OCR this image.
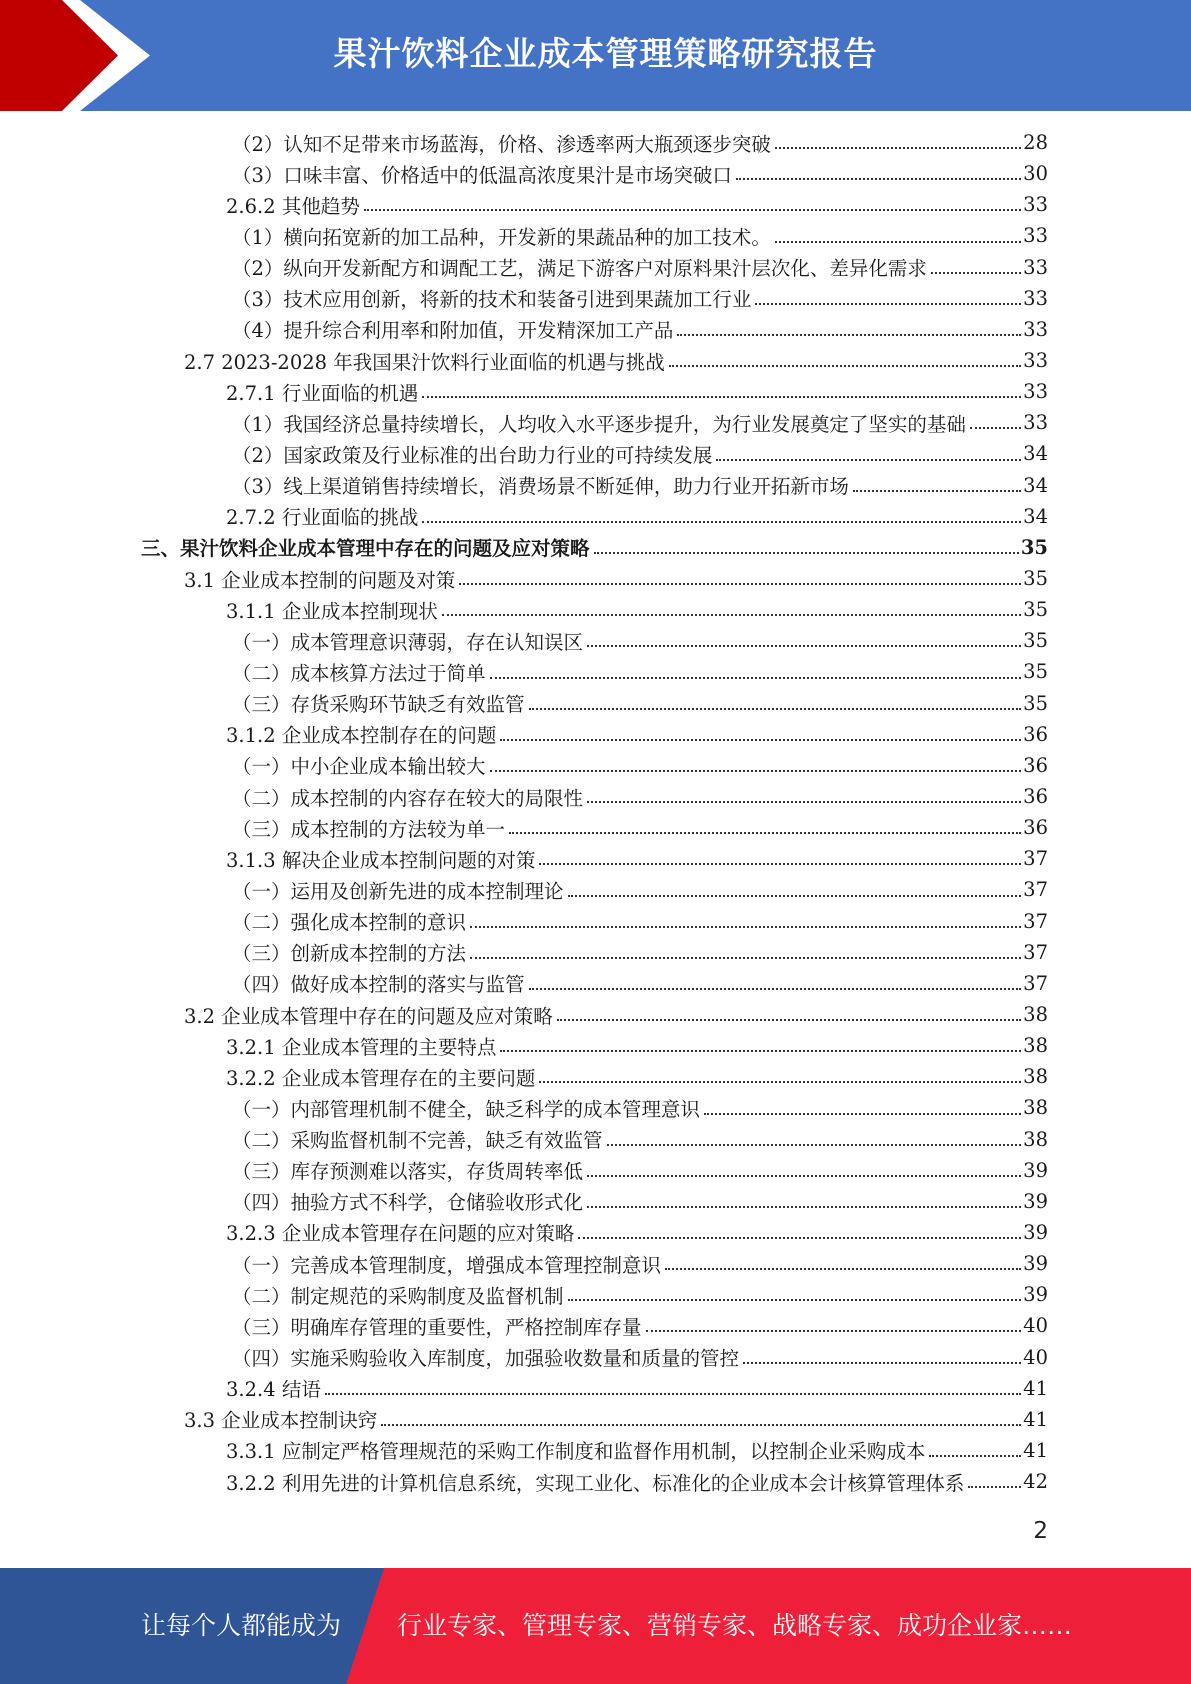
果汁饮料企业成本管理策略研究报告
（2）认知不足带来市场蓝海，价格、渗透率两大瓶颈逐步突破	28
（3）口味丰富、价格适中的低温高浓度果汁是市场突破口	30
2.6.2 其他趋势	33
（1）横向拓宽新的加工品种，开发新的果蔬品种的加工技术。	33
（2）纵向开发新配方和调配工艺，满足下游客户对原料果汁层次化、差异化需求	33
（3）技术应用创新，将新的技术和装备引进到果蔬加工行业	33
（4）提升综合利用率和附加值，开发精深加工产品	33
2.7 2023-2028 年我国果汁饮料行业面临的机遇与挑战	33
2.7.1 行业面临的机遇	33
（1）我国经济总量持续增长，人均收入水平逐步提升，为行业发展奠定了坚实的基础	33
（2）国家政策及行业标准的出台助力行业的可持续发展	34
（3）线上渠道销售持续增长，消费场景不断延伸，助力行业开拓新市场	34
2.7.2 行业面临的挑战	34
三、果汁饮料企业成本管理中存在的问题及应对策略	35
3.1 企业成本控制的问题及对策	35
3.1.1 企业成本控制现状	35
（一）成本管理意识薄弱，存在认知误区	35
（二）成本核算方法过于简单	35
（三）存货采购环节缺乏有效监管	35
3.1.2 企业成本控制存在的问题	36
（一）中小企业成本输出较大	36
（二）成本控制的内容存在较大的局限性	36
（三）成本控制的方法较为单一	36
3.1.3 解决企业成本控制问题的对策	37
（一）运用及创新先进的成本控制理论	37
（二）强化成本控制的意识	37
（三）创新成本控制的方法	37
（四）做好成本控制的落实与监管	37
3.2 企业成本管理中存在的问题及应对策略	38
3.2.1 企业成本管理的主要特点	38
3.2.2 企业成本管理存在的主要问题	38
（一）内部管理机制不健全，缺乏科学的成本管理意识	38
（二）采购监督机制不完善，缺乏有效监管	38
（三）库存预测难以落实，存货周转率低	39
（四）抽验方式不科学，仓储验收形式化	39
3.2.3 企业成本管理存在问题的应对策略	39
（一）完善成本管理制度，增强成本管理控制意识	39
（二）制定规范的采购制度及监督机制	39
（三）明确库存管理的重要性，严格控制库存量	40
（四）实施采购验收入库制度，加强验收数量和质量的管控	40
3.2.4 结语	41
3.3 企业成本控制诀窍	41
3.3.1 应制定严格管理规范的采购工作制度和监督作用机制，以控制企业采购成本	41
3.2.2 利用先进的计算机信息系统，实现工业化、标准化的企业成本会计核算管理体系	42
2
让每个人都能成为 行业专家、管理专家、营销专家、战略专家、成功企业家……
